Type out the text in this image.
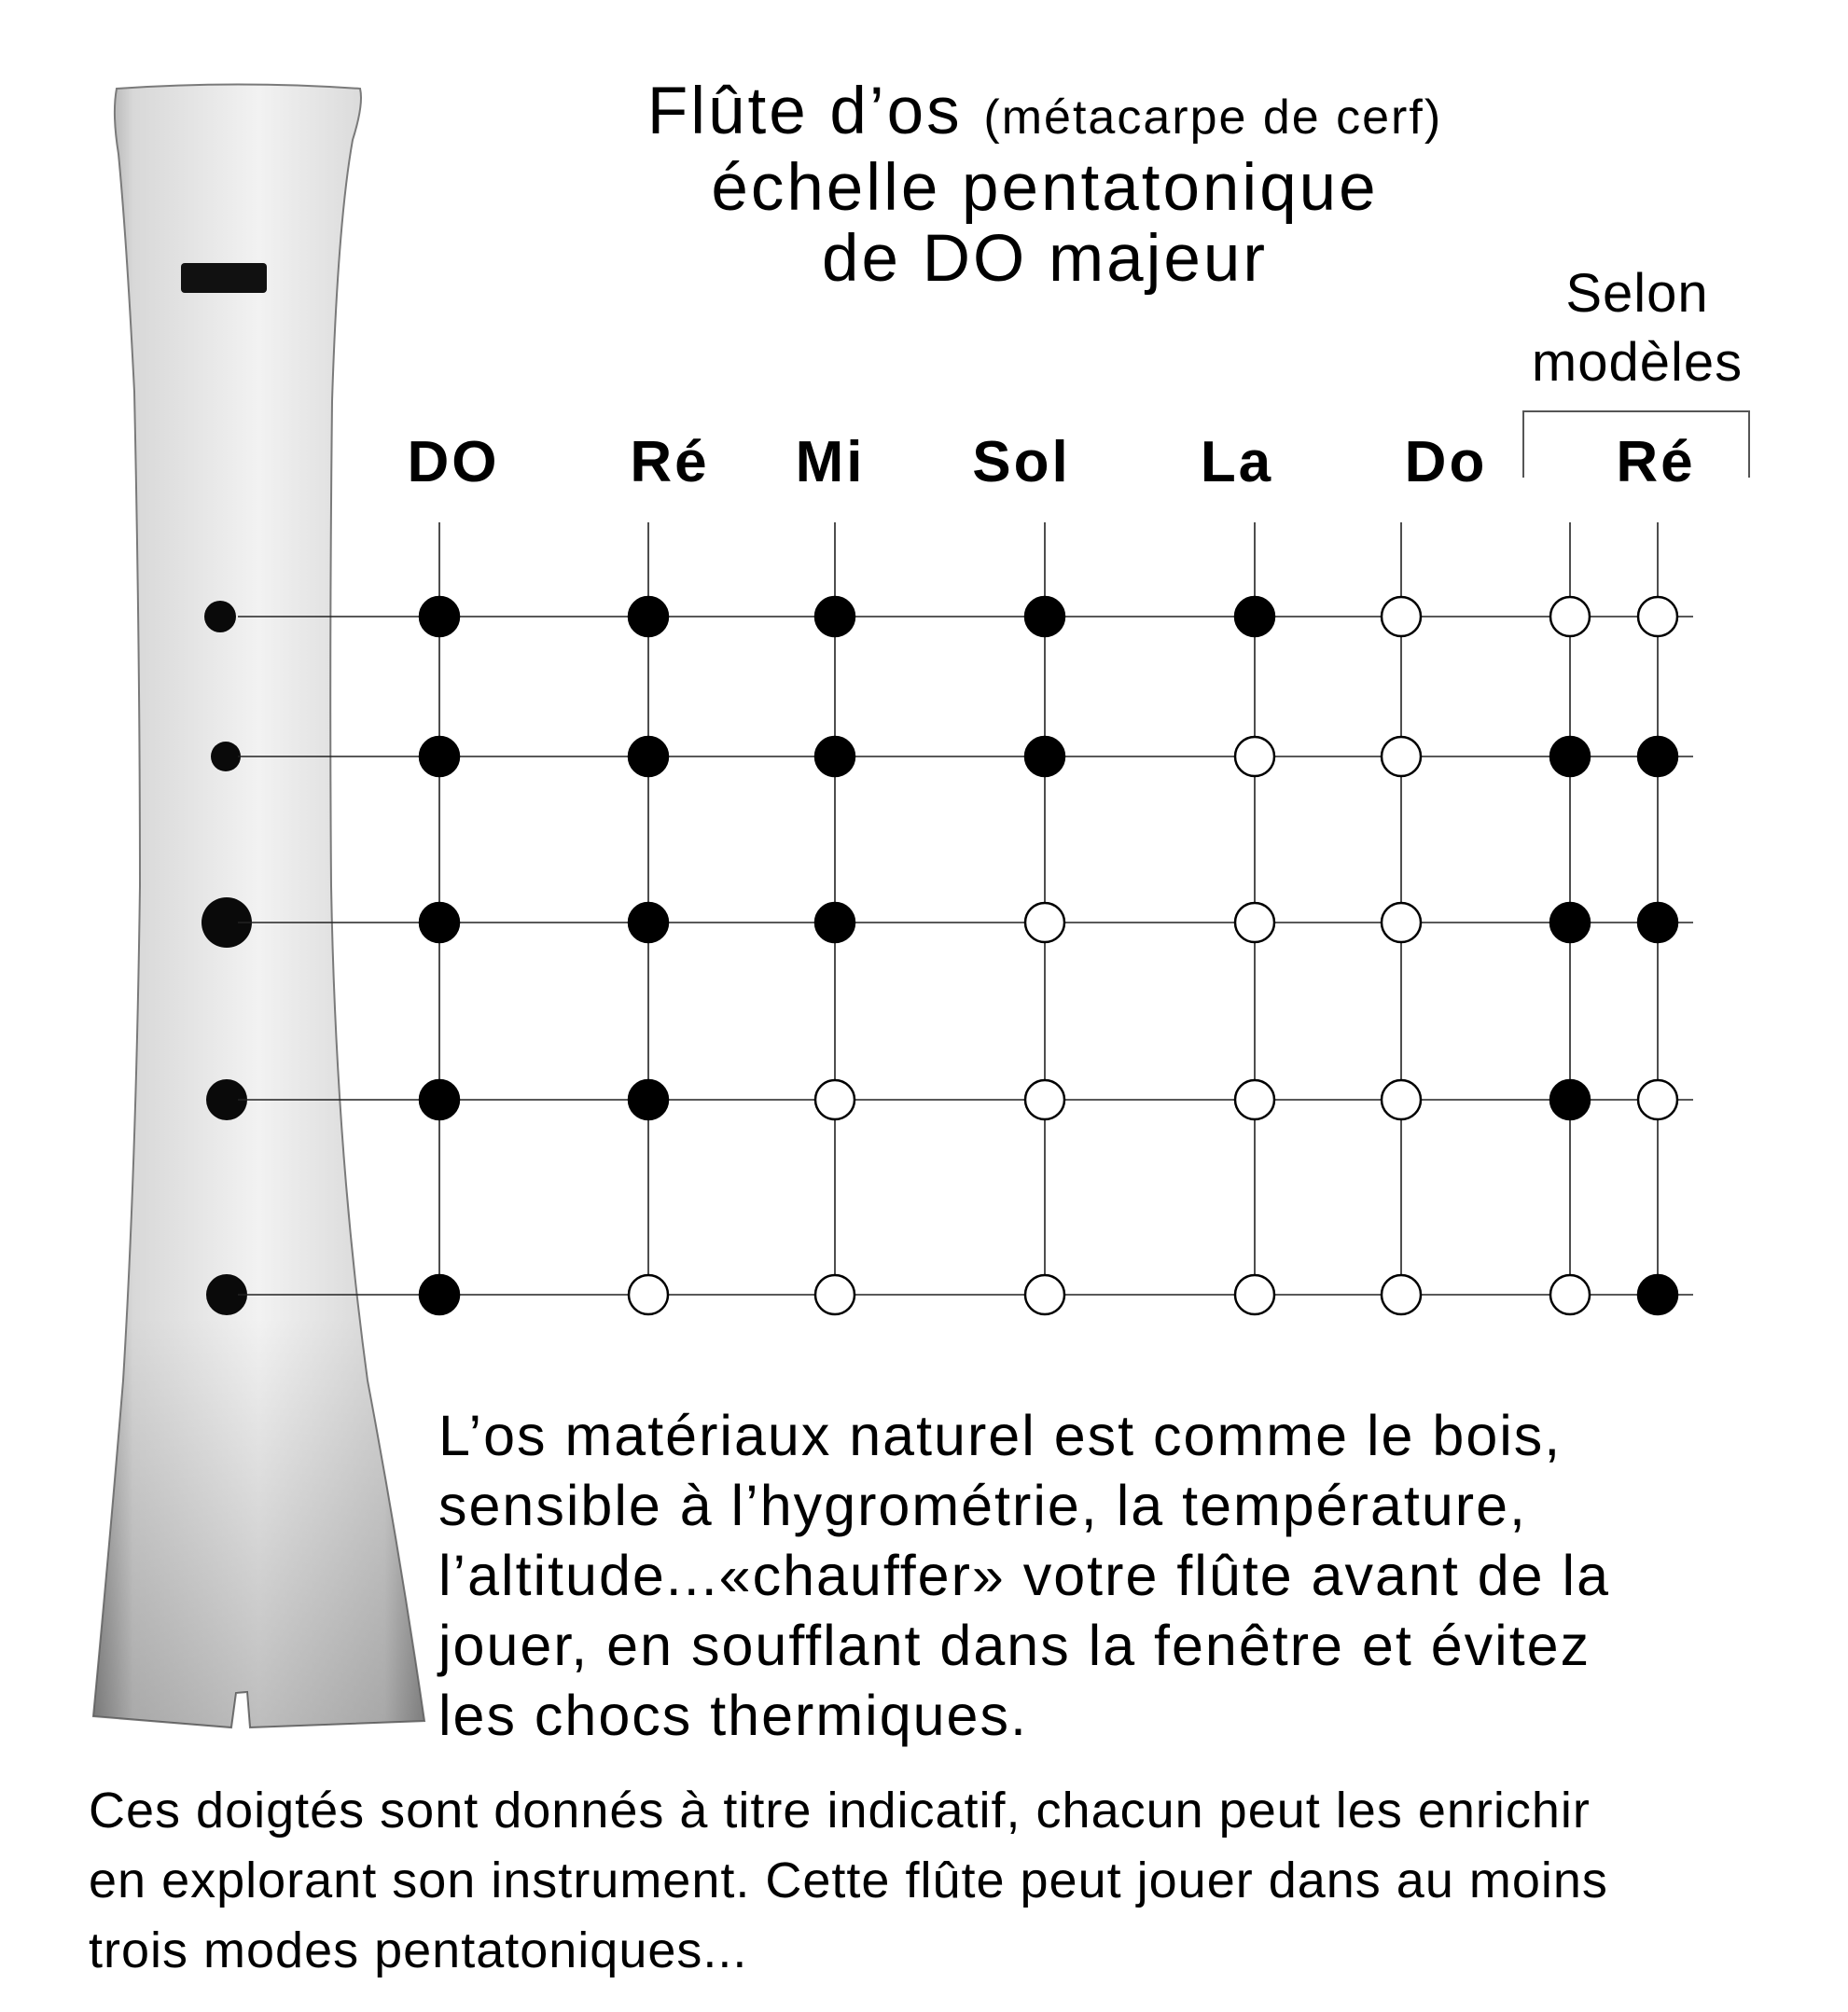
Flûte d’os (métacarpe de cerf)
échelle pentatonique
de DO majeur	Selon
modèles
DO	Ré	Mi	Sol	La	Do	Ré
L’os matériaux naturel est comme le bois,
sensible à l’hygrométrie, la température,
l’altitude...«chauffer» votre flûte avant de la
jouer, en soufflant dans la fenêtre et évitez
les chocs thermiques.
Ces doigtés sont donnés à titre indicatif, chacun peut les enrichir
en explorant son instrument. Cette flûte peut jouer dans au moins
trois modes pentatoniques...
